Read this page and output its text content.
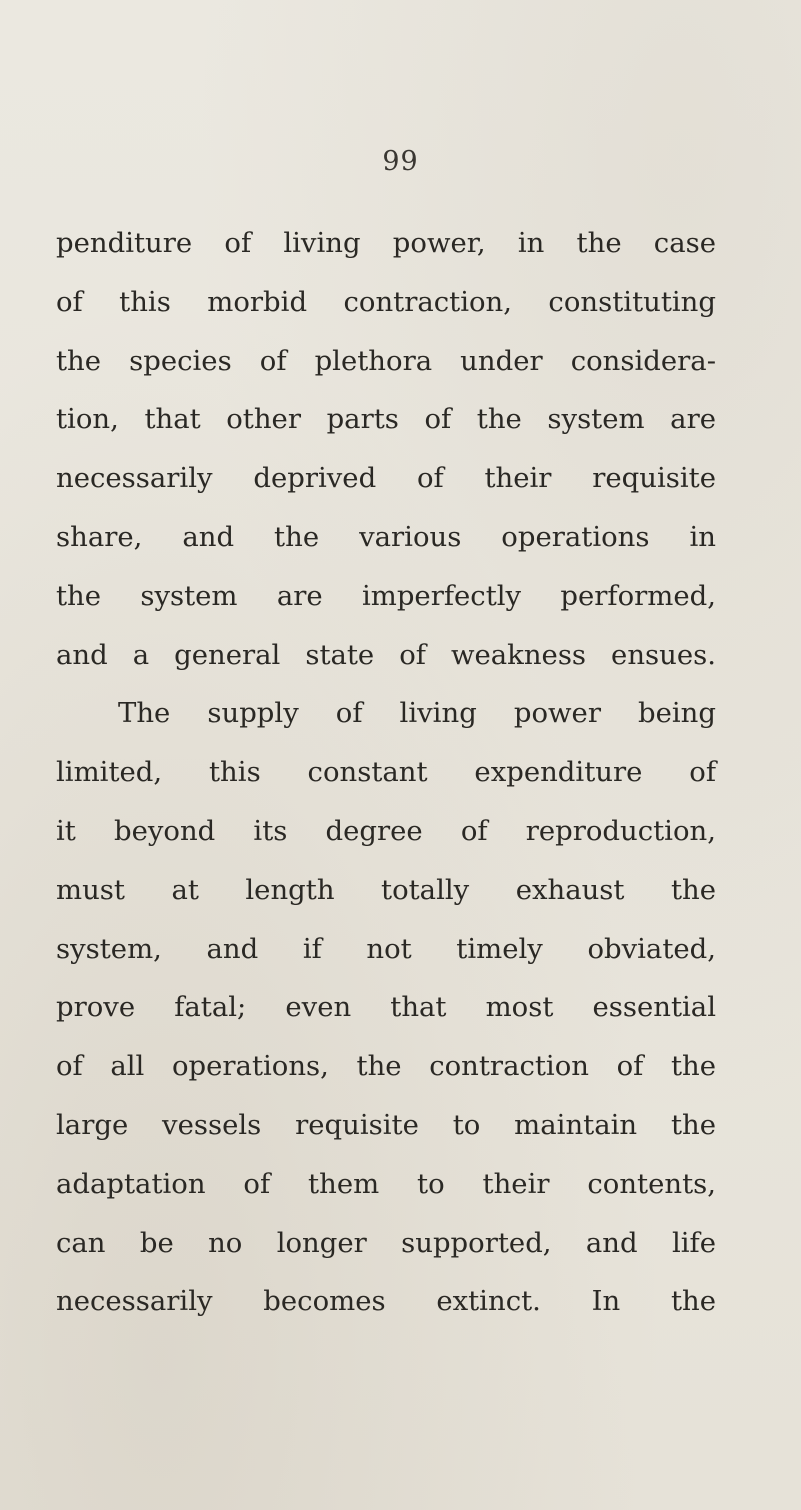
99
penditure of living power, in the case
of this morbid contraction, constituting
the species of plethora under considera-
tion, that other parts of the system are
necessarily deprived of their requisite
share, and the various operations in
the system are imperfectly performed,
and a general state of weakness ensues.
The supply of living power being
limited, this constant expenditure of
it beyond its degree of reproduction,
must at length totally exhaust the
system, and if not timely obviated,
prove fatal; even that most essential
of all operations, the contraction of the
large vessels requisite to maintain the
adaptation of them to their contents,
can be no longer supported, and life
necessarily becomes extinct. In the
